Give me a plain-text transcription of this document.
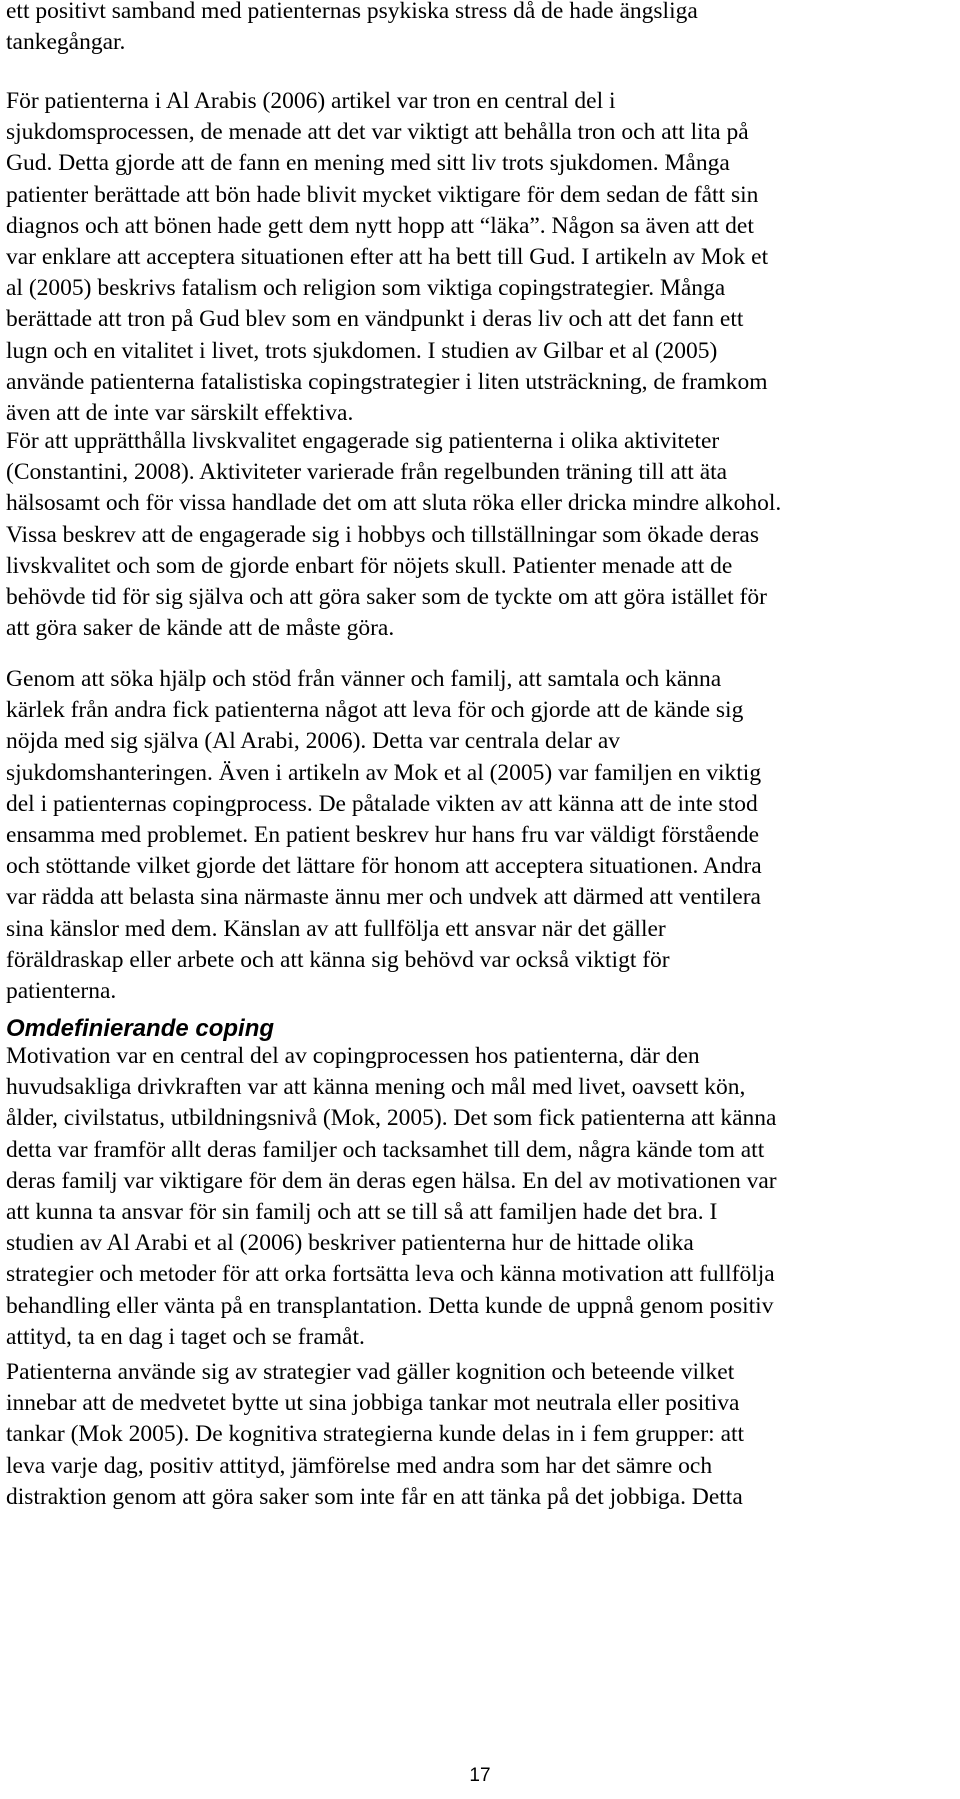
ett positivt samband med patienternas psykiska stress då de hade ängsliga
tankegångar.
För patienterna i Al Arabis (2006) artikel var tron en central del i
sjukdomsprocessen, de menade att det var viktigt att behålla tron och att lita på
Gud. Detta gjorde att de fann en mening med sitt liv trots sjukdomen. Många
patienter berättade att bön hade blivit mycket viktigare för dem sedan de fått sin
diagnos och att bönen hade gett dem nytt hopp att “läka”. Någon sa även att det
var enklare att acceptera situationen efter att ha bett till Gud. I artikeln av Mok et
al (2005) beskrivs fatalism och religion som viktiga copingstrategier. Många
berättade att tron på Gud blev som en vändpunkt i deras liv och att det fann ett
lugn och en vitalitet i livet, trots sjukdomen. I studien av Gilbar et al (2005)
använde patienterna fatalistiska copingstrategier i liten utsträckning, de framkom
även att de inte var särskilt effektiva.
För att upprätthålla livskvalitet engagerade sig patienterna i olika aktiviteter
(Constantini, 2008). Aktiviteter varierade från regelbunden träning till att äta
hälsosamt och för vissa handlade det om att sluta röka eller dricka mindre alkohol.
Vissa beskrev att de engagerade sig i hobbys och tillställningar som ökade deras
livskvalitet och som de gjorde enbart för nöjets skull. Patienter menade att de
behövde tid för sig själva och att göra saker som de tyckte om att göra istället för
att göra saker de kände att de måste göra.
Genom att söka hjälp och stöd från vänner och familj, att samtala och känna
kärlek från andra fick patienterna något att leva för och gjorde att de kände sig
nöjda med sig själva (Al Arabi, 2006). Detta var centrala delar av
sjukdomshanteringen. Även i artikeln av Mok et al (2005) var familjen en viktig
del i patienternas copingprocess. De påtalade vikten av att känna att de inte stod
ensamma med problemet. En patient beskrev hur hans fru var väldigt förstående
och stöttande vilket gjorde det lättare för honom att acceptera situationen. Andra
var rädda att belasta sina närmaste ännu mer och undvek att därmed att ventilera
sina känslor med dem. Känslan av att fullfölja ett ansvar när det gäller
föräldraskap eller arbete och att känna sig behövd var också viktigt för
patienterna.
Omdefinierande coping
Motivation var en central del av copingprocessen hos patienterna, där den
huvudsakliga drivkraften var att känna mening och mål med livet, oavsett kön,
ålder, civilstatus, utbildningsnivå (Mok, 2005). Det som fick patienterna att känna
detta var framför allt deras familjer och tacksamhet till dem, några kände tom att
deras familj var viktigare för dem än deras egen hälsa. En del av motivationen var
att kunna ta ansvar för sin familj och att se till så att familjen hade det bra. I
studien av Al Arabi et al (2006) beskriver patienterna hur de hittade olika
strategier och metoder för att orka fortsätta leva och känna motivation att fullfölja
behandling eller vänta på en transplantation. Detta kunde de uppnå genom positiv
attityd, ta en dag i taget och se framåt.
Patienterna använde sig av strategier vad gäller kognition och beteende vilket
innebar att de medvetet bytte ut sina jobbiga tankar mot neutrala eller positiva
tankar (Mok 2005). De kognitiva strategierna kunde delas in i fem grupper: att
leva varje dag, positiv attityd, jämförelse med andra som har det sämre och
distraktion genom att göra saker som inte får en att tänka på det jobbiga. Detta
17
